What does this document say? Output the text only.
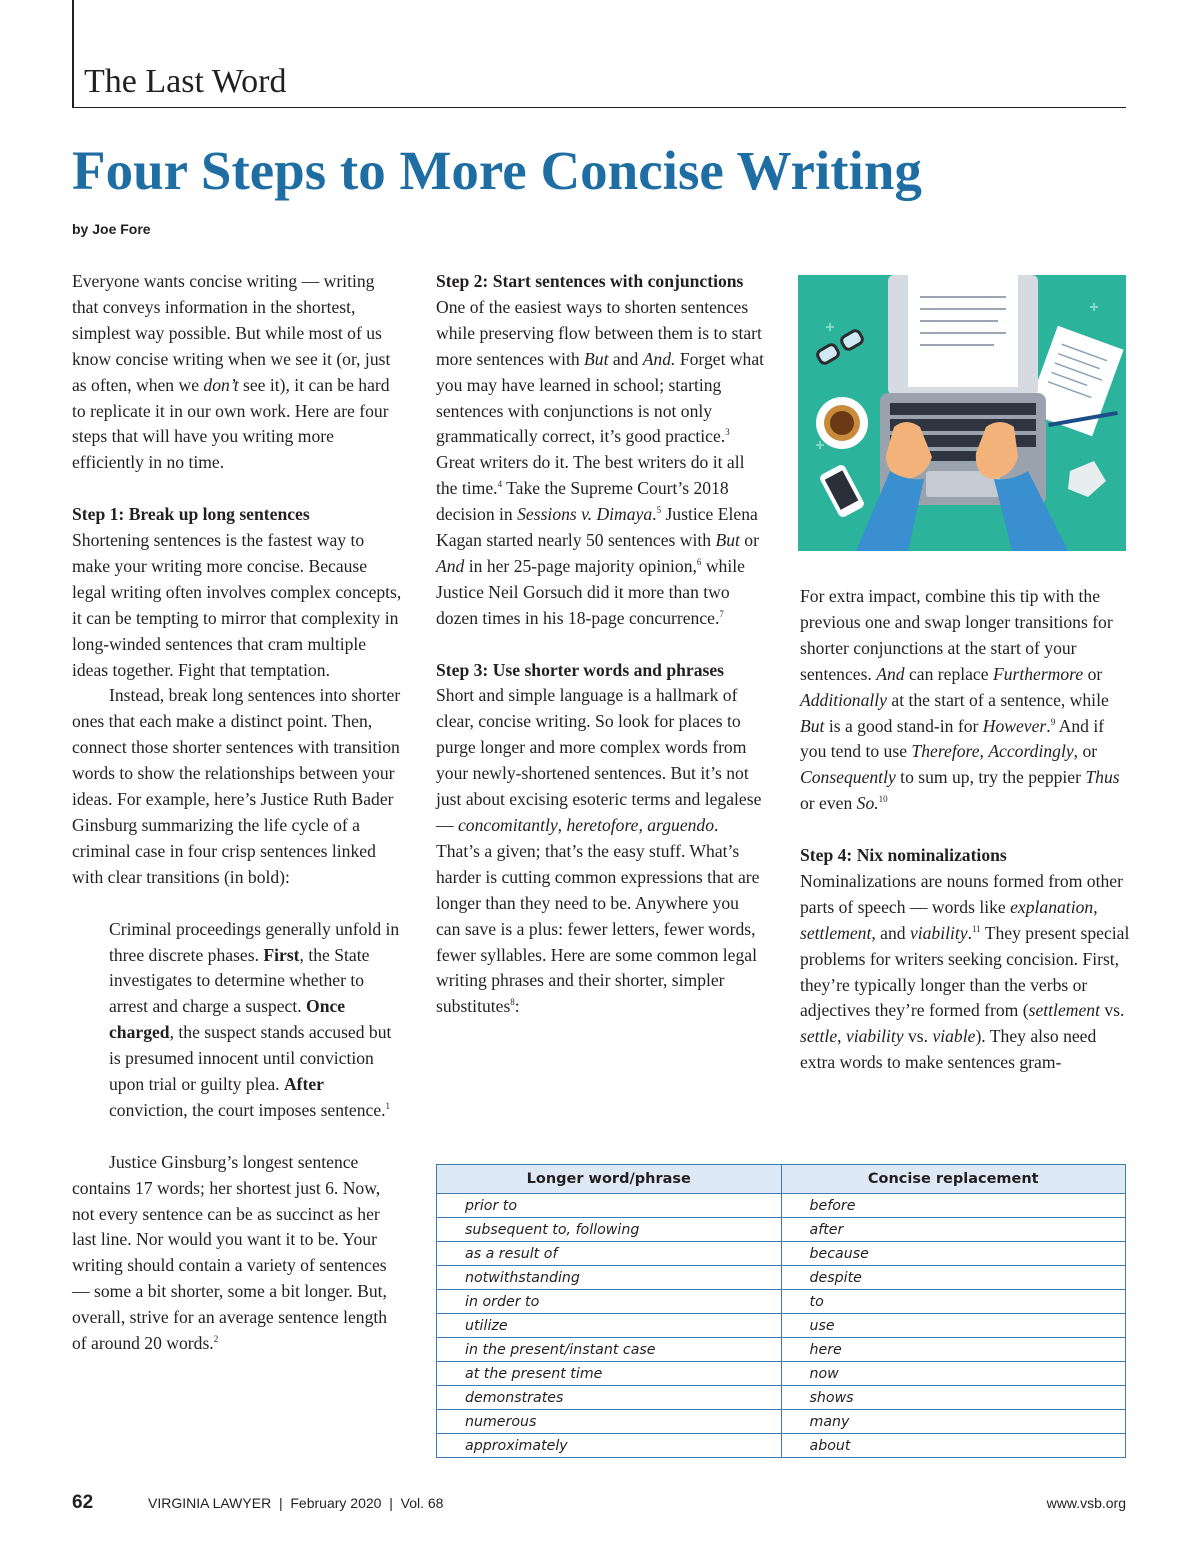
The Last Word
Four Steps to More Concise Writing
by Joe Fore

Everyone wants concise writing — writing that conveys information in the shortest, simplest way possible. But while most of us know concise writing when we see it (or, just as often, when we don’t see it), it can be hard to replicate it in our own work. Here are four steps that will have you writing more efficiently in no time.

Step 1: Break up long sentences

Shortening sentences is the fastest way to make your writing more concise. Because legal writing often involves complex concepts, it can be tempting to mirror that complexity in long-winded sentences that cram multiple ideas together. Fight that temptation.

Instead, break long sentences into shorter ones that each make a distinct point. Then, connect those shorter sentences with transition words to show the relationships between your ideas. For example, here’s Justice Ruth Bader Ginsburg summarizing the life cycle of a criminal case in four crisp sentences linked with clear transitions (in bold):

Criminal proceedings generally unfold in three discrete phases. First, the State investigates to determine whether to arrest and charge a suspect. Once charged, the suspect stands accused but is presumed innocent until conviction upon trial or guilty plea. After conviction, the court imposes sentence.$^1$

Justice Ginsburg’s longest sentence contains 17 words; her shortest just 6. Now, not every sentence can be as succinct as her last line. Nor would you want it to be. Your writing should contain a variety of sentences — some a bit shorter, some a bit longer. But, overall, strive for an average sentence length of around 20 words.$^2$

Step 2: Start sentences with conjunctions

One of the easiest ways to shorten sentences while preserving flow between them is to start more sentences with But and And. Forget what you may have learned in school; starting sentences with conjunctions is not only grammatically correct, it’s good practice.$^3$ Great writers do it. The best writers do it all the time.$^4$ Take the Supreme Court’s 2018 decision in Sessions v. Dimaya.$^5$ Justice Elena Kagan started nearly 50 sentences with But or And in her 25-page majority opinion,$^6$ while Justice Neil Gorsuch did it more than two dozen times in his 18-page concurrence.$^7$

Step 3: Use shorter words and phrases

Short and simple language is a hallmark of clear, concise writing. So look for places to purge longer and more complex words from your newly-shortened sentences. But it’s not just about excising esoteric terms and legalese — concomitantly, heretofore, arguendo. That’s a given; that’s the easy stuff. What’s harder is cutting common expressions that are longer than they need to be. Anywhere you can save is a plus: fewer letters, fewer words, fewer syllables. Here are some common legal writing phrases and their shorter, simpler substitutes$^8$:

For extra impact, combine this tip with the previous one and swap longer transitions for shorter conjunctions at the start of your sentences. And can replace Furthermore or Additionally at the start of a sentence, while But is a good stand-in for However.$^9$ And if you tend to use Therefore, Accordingly, or Consequently to sum up, try the peppier Thus or even So.$^{10}$

Step 4: Nix nominalizations

Nominalizations are nouns formed from other parts of speech — words like explanation, settlement, and viability.$^{11}$ They present special problems for writers seeking concision. First, they’re typically longer than the verbs or adjectives they’re formed from (settlement vs. settle, viability vs. viable). They also need extra words to make sentences gram-

Longer word/phrase	Concise replacement
prior to	before
subsequent to, following	after
as a result of	because
notwithstanding	despite
in order to	to
utilize	use
in the present/instant case	here
at the present time	now
demonstrates	shows
numerous	many
approximately	about
62	VIRGINIA LAWYER  |  February 2020  |  Vol. 68	www.vsb.org
